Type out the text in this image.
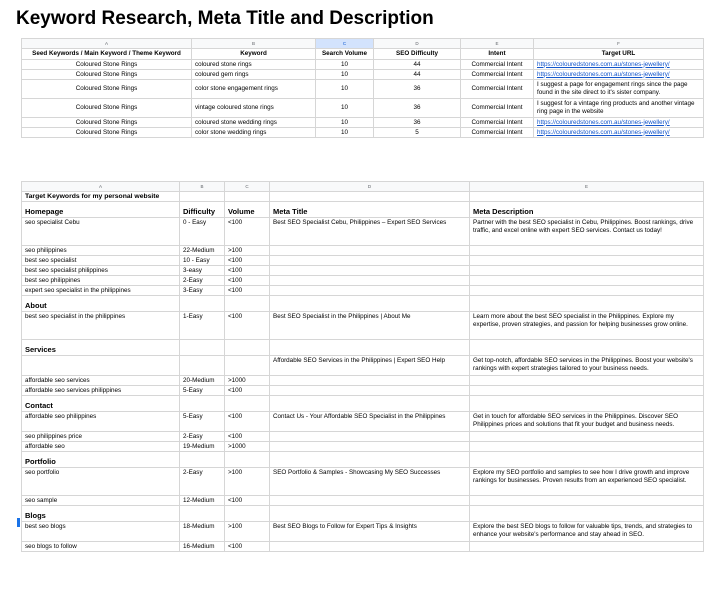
Keyword Research, Meta Title and Description
A	B	C	D	E	F
Seed Keywords / Main Keyword / Theme Keyword	Keyword	Search Volume	SEO Difficulty	Intent	Target URL
Coloured Stone Rings	coloured stone rings	10	44	Commercial Intent	https://colouredstones.com.au/stones-jewellery/
Coloured Stone Rings	coloured gem rings	10	44	Commercial Intent	https://colouredstones.com.au/stones-jewellery/
Coloured Stone Rings	color stone engagement rings	10	36	Commercial Intent	I suggest a page for engagement rings since the page found in the site direct to it's sister company.
Coloured Stone Rings	vintage coloured stone rings	10	36	Commercial Intent	I suggest for a vintage ring products and another vintage ring page in the website
Coloured Stone Rings	coloured stone wedding rings	10	36	Commercial Intent	https://colouredstones.com.au/stones-jewellery/
Coloured Stone Rings	color stone wedding rings	10	5	Commercial Intent	https://colouredstones.com.au/stones-jewellery/
A	B	C	D	E
Target Keywords for my personal website				
Homepage	Difficulty	Volume	Meta Title	Meta Description
seo specialist Cebu	0 - Easy	<100	Best SEO Specialist Cebu, Philippines – Expert SEO Services	Partner with the best SEO specialist in Cebu, Philippines. Boost rankings, drive traffic, and excel online with expert SEO services. Contact us today!
seo philippines	22-Medium	>100		
best seo specialist	10 - Easy	<100		
best seo specialist philippines	3-easy	<100		
best seo philippines	2-Easy	<100		
expert seo specialist in the philippines	3-Easy	<100		
About				
best seo specialist in the philippines	1-Easy	<100	Best SEO Specialist in the Philippines | About Me	Learn more about the best SEO specialist in the Philippines. Explore my expertise, proven strategies, and passion for helping businesses grow online.
Services				
			Affordable SEO Services in the Philippines | Expert SEO Help	Get top-notch, affordable SEO services in the Philippines. Boost your website's rankings with expert strategies tailored to your business needs.
affordable seo services	20-Medium	>1000		
affordable seo services philippines	5-Easy	<100		
Contact				
affordable seo philippines	5-Easy	<100	Contact Us - Your Affordable SEO Specialist in the Philippines	Get in touch for affordable SEO services in the Philippines. Discover SEO Philippines prices and solutions that fit your budget and business needs.
seo philippines price	2-Easy	<100		
affordable seo	19-Medium	>1000		
Portfolio				
seo portfolio	2-Easy	>100	SEO Portfolio & Samples - Showcasing My SEO Successes	Explore my SEO portfolio and samples to see how I drive growth and improve rankings for businesses. Proven results from an experienced SEO specialist.
seo sample	12-Medium	<100		
Blogs				
best seo blogs	18-Medium	>100	Best SEO Blogs to Follow for Expert Tips & Insights	Explore the best SEO blogs to follow for valuable tips, trends, and strategies to enhance your website's performance and stay ahead in SEO.
seo blogs to follow	16-Medium	<100		
